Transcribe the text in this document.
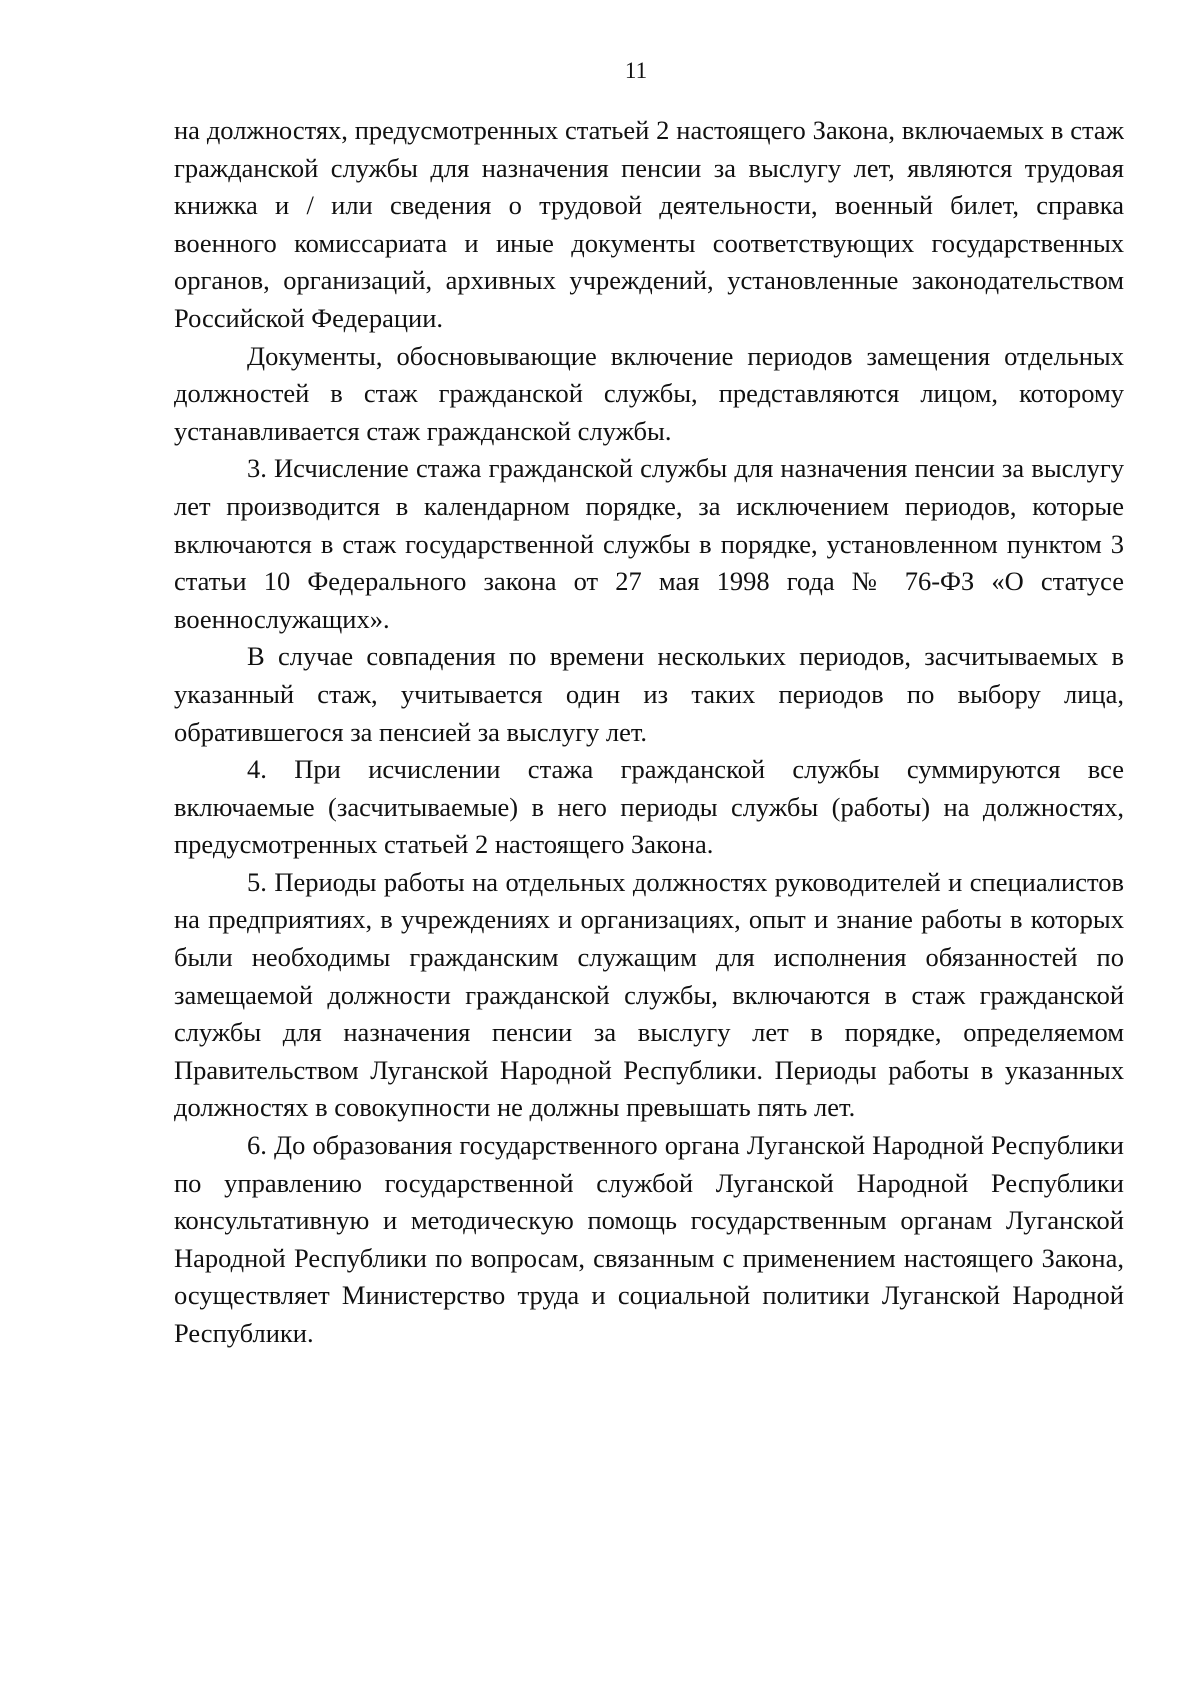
11

на должностях, предусмотренных статьей 2 настоящего Закона, включаемых в стаж гражданской службы для назначения пенсии за выслугу лет, являются трудовая книжка и / или сведения о трудовой деятельности, военный билет, справка военного комиссариата и иные документы соответствующих государственных органов, организаций, архивных учреждений, установленные законодательством Российской Федерации.

Документы, обосновывающие включение периодов замещения отдельных должностей в стаж гражданской службы, представляются лицом, которому устанавливается стаж гражданской службы.

3. Исчисление стажа гражданской службы для назначения пенсии за выслугу лет производится в календарном порядке, за исключением периодов, которые включаются в стаж государственной службы в порядке, установленном пунктом 3 статьи 10 Федерального закона от 27 мая 1998 года № 76-ФЗ «О статусе военнослужащих».

В случае совпадения по времени нескольких периодов, засчитываемых в указанный стаж, учитывается один из таких периодов по выбору лица, обратившегося за пенсией за выслугу лет.

4. При исчислении стажа гражданской службы суммируются все включаемые (засчитываемые) в него периоды службы (работы) на должностях, предусмотренных статьей 2 настоящего Закона.

5. Периоды работы на отдельных должностях руководителей и специалистов на предприятиях, в учреждениях и организациях, опыт и знание работы в которых были необходимы гражданским служащим для исполнения обязанностей по замещаемой должности гражданской службы, включаются в стаж гражданской службы для назначения пенсии за выслугу лет в порядке, определяемом Правительством Луганской Народной Республики. Периоды работы в указанных должностях в совокупности не должны превышать пять лет.

6. До образования государственного органа Луганской Народной Республики по управлению государственной службой Луганской Народной Республики консультативную и методическую помощь государственным органам Луганской Народной Республики по вопросам, связанным с применением настоящего Закона, осуществляет Министерство труда и социальной политики Луганской Народной Республики.
